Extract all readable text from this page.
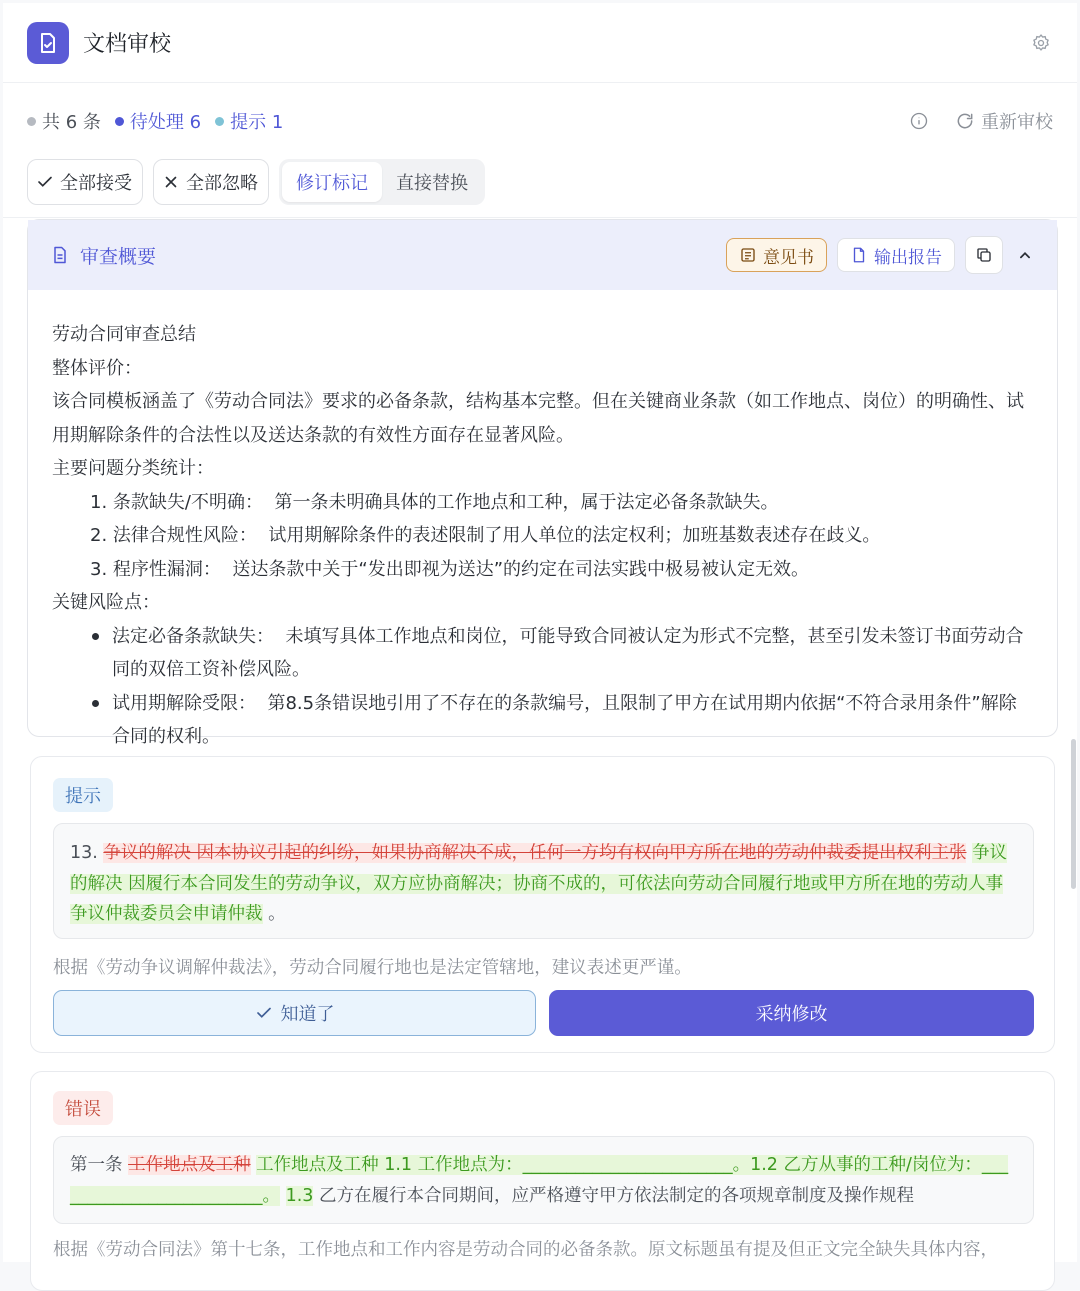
文档审校
共 6 条 待处理 6 提示 1	重新审校
全部接受	全部忽略	修订标记	直接替换
审查概要	意见书	输出报告

劳动合同审查总结

整体评价：

该合同模板涵盖了《劳动合同法》要求的必备条款，结构基本完整。但在关键商业条款（如工作地点、岗位）的明确性、试用期解除条件的合法性以及送达条款的有效性方面存在显著风险。

主要问题分类统计：

1.
条款缺失/不明确：
第一条未明确具体的工作地点和工种，属于法定必备条款缺失。
2.
法律合规性风险：
试用期解除条件的表述限制了用人单位的法定权利；加班基数表述存在歧义。
3.
程序性漏洞：
送达条款中关于“发出即视为送达”的约定在司法实践中极易被认定无效。

关键风险点：

法定必备条款缺失： 未填写具体工作地点和岗位，可能导致合同被认定为形式不完整，甚至引发未签订书面劳动合同的双倍工资补偿风险。
试用期解除受限： 第8.5条错误地引用了不存在的条款编号，且限制了甲方在试用期内依据“不符合录用条件”解除合同的权利。
提示
13. 争议的解决 因本协议引起的纠纷，如果协商解决不成，任何一方均有权向甲方所在地的劳动仲裁委提出权利主张 争议的解决 因履行本合同发生的劳动争议，双方应协商解决；协商不成的，可依法向劳动合同履行地或甲方所在地的劳动人事争议仲裁委员会申请仲裁 。
根据《劳动争议调解仲裁法》，劳动合同履行地也是法定管辖地，建议表述更严谨。
知道了	采纳修改
错误
第一条 工作地点及工种 工作地点及工种 1.1 工作地点为：________________________。1.2 乙方从事的工种/岗位为：___ ______________________。 1.3 乙方在履行本合同期间，应严格遵守甲方依法制定的各项规章制度及操作规程
根据《劳动合同法》第十七条，工作地点和工作内容是劳动合同的必备条款。原文标题虽有提及但正文完全缺失具体内容，
